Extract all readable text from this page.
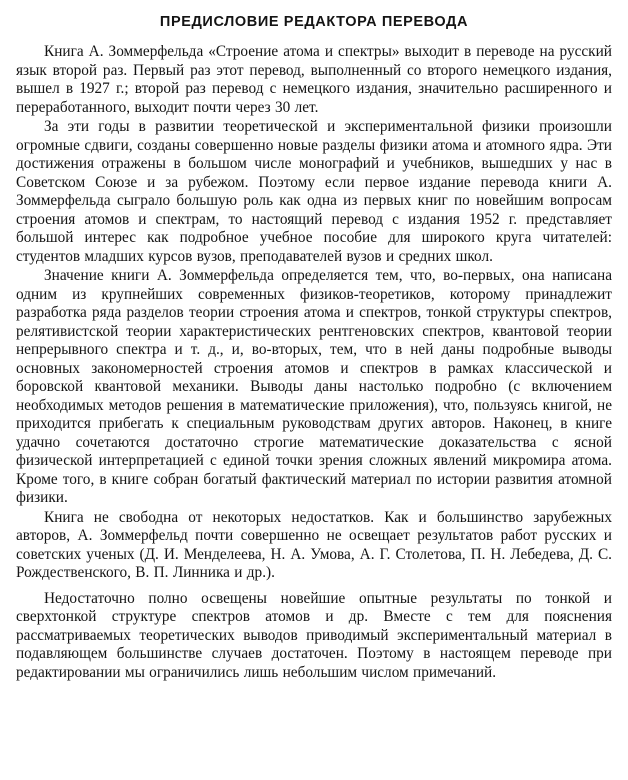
ПРЕДИСЛОВИЕ РЕДАКТОРА ПЕРЕВОДА

Книга А. Зоммерфельда «Строение атома и спектры» выходит в переводе на русский язык второй раз. Первый раз этот перевод, выполненный со второго немецкого издания, вышел в 1927 г.; второй раз перевод с немецкого издания, значительно расширенного и переработанного, выходит почти через 30 лет.

За эти годы в развитии теоретической и экспериментальной физики произошли огромные сдвиги, созданы совершенно новые разделы физики атома и атомного ядра. Эти достижения отражены в большом числе монографий и учебников, вышедших у нас в Советском Союзе и за рубежом. Поэтому если первое издание перевода книги А. Зоммерфельда сыграло большую роль как одна из первых книг по новейшим вопросам строения атомов и спектрам, то настоящий перевод с издания 1952 г. представляет большой интерес как подробное учебное пособие для широкого круга читателей: студентов младших курсов вузов, преподавателей вузов и средних школ.

Значение книги А. Зоммерфельда определяется тем, что, во-первых, она написана одним из крупнейших современных физиков-теоретиков, которому принадлежит разработка ряда разделов теории строения атома и спектров, тонкой структуры спектров, релятивистской теории характеристических рентгеновских спектров, квантовой теории непрерывного спектра и т. д., и, во-вторых, тем, что в ней даны подробные выводы основных закономерностей строения атомов и спектров в рамках классической и боровской квантовой механики. Выводы даны настолько подробно (с включением необходимых методов решения в математические приложения), что, пользуясь книгой, не приходится прибегать к специальным руководствам других авторов. Наконец, в книге удачно сочетаются достаточно строгие математические доказательства с ясной физической интерпретацией с единой точки зрения сложных явлений микромира атома. Кроме того, в книге собран богатый фактический материал по истории развития атомной физики.

Книга не свободна от некоторых недостатков. Как и большинство зарубежных авторов, А. Зоммерфельд почти совершенно не освещает результатов работ русских и советских ученых (Д. И. Менделеева, Н. А. Умова, А. Г. Столетова, П. Н. Лебедева, Д. С. Рождественского, В. П. Линника и др.).

Недостаточно полно освещены новейшие опытные результаты по тонкой и сверхтонкой структуре спектров атомов и др. Вместе с тем для пояснения рассматриваемых теоретических выводов приводимый экспериментальный материал в подавляющем большинстве случаев достаточен. Поэтому в настоящем переводе при редактировании мы ограничились лишь небольшим числом примечаний.
